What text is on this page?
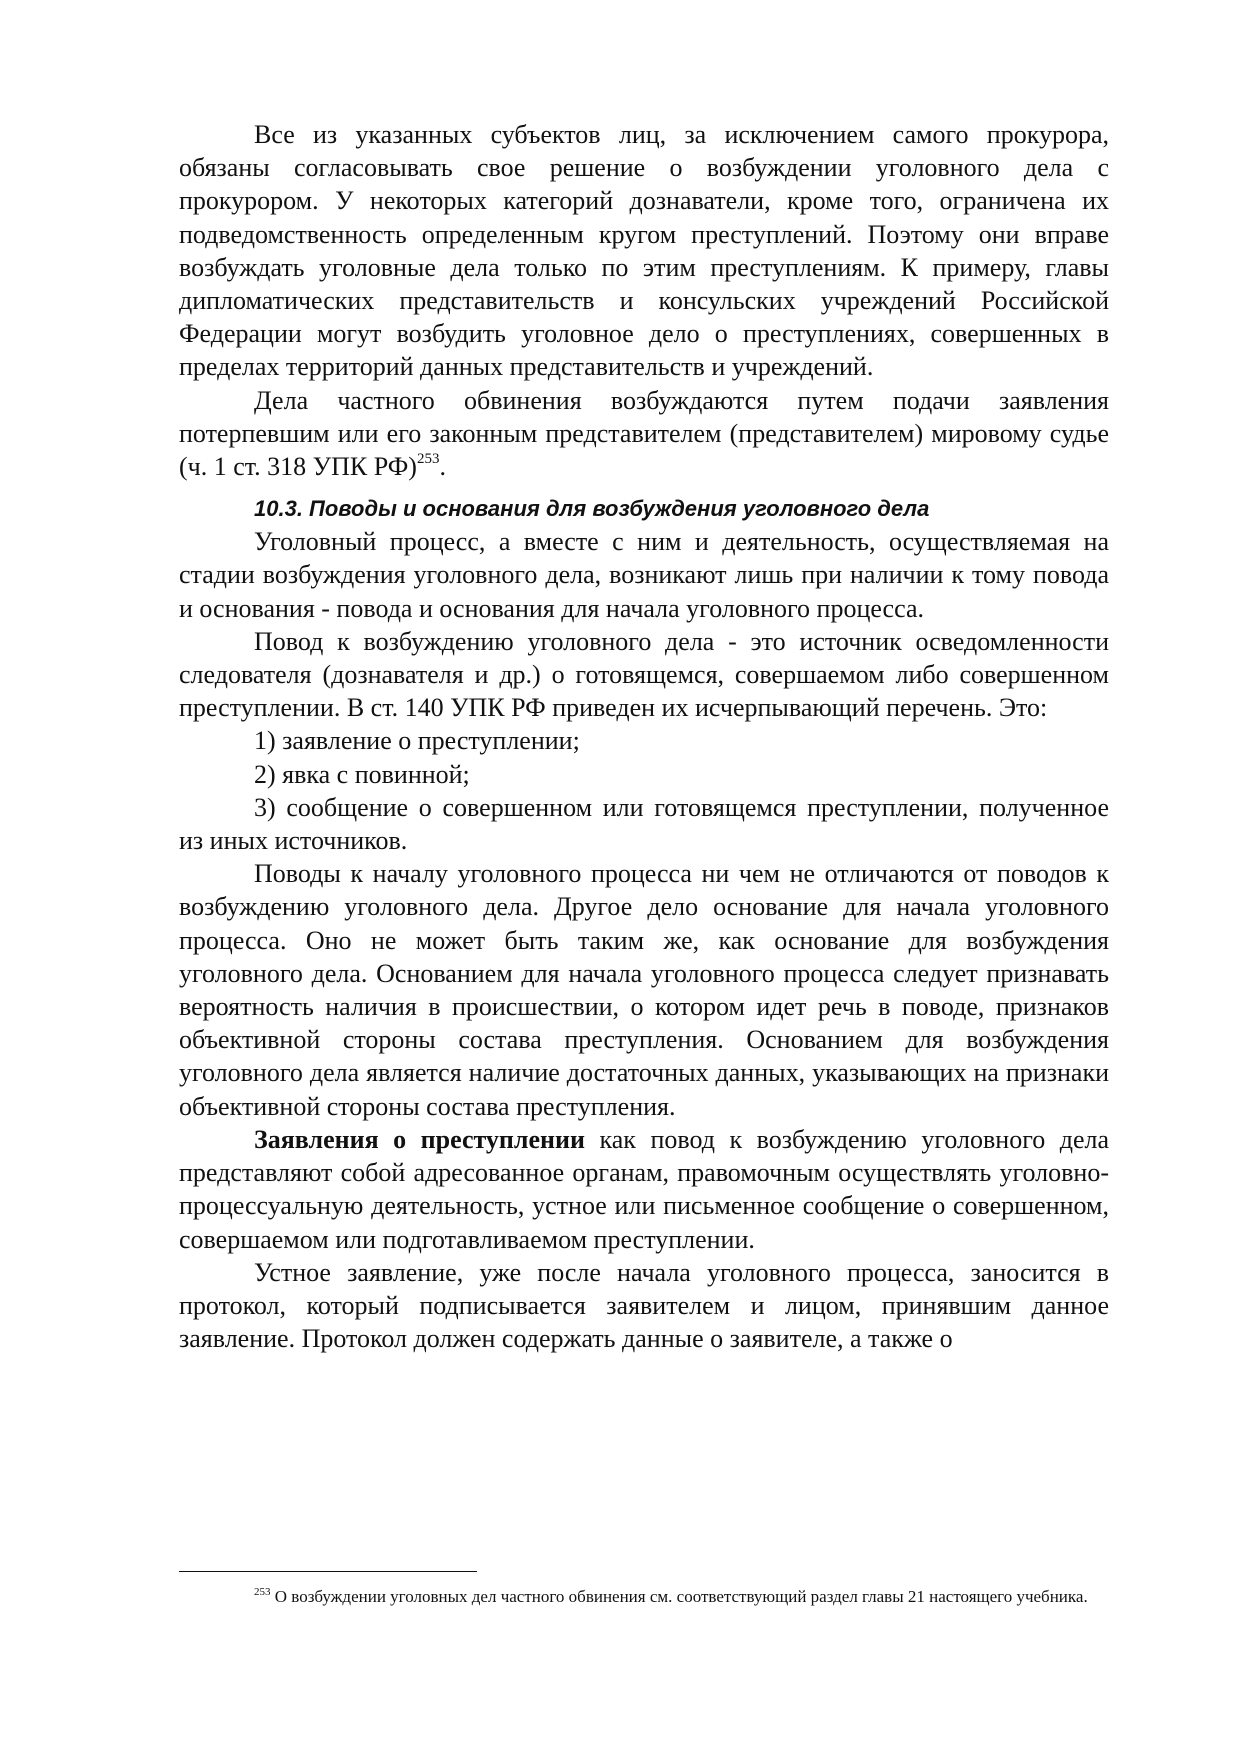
Все из указанных субъектов лиц, за исключением самого прокурора, обязаны согласовывать свое решение о возбуждении уголовного дела с прокурором. У некоторых категорий дознаватели, кроме того, ограничена их подведомственность определенным кругом преступлений. Поэтому они вправе возбуждать уголовные дела только по этим преступлениям. К примеру, главы дипломатических представительств и консульских учреждений Российской Федерации могут возбудить уголовное дело о преступлениях, совершенных в пределах территорий данных представительств и учреждений.

Дела частного обвинения возбуждаются путем подачи заявления потерпевшим или его законным представителем (представителем) мировому судье (ч. 1 ст. 318 УПК РФ)$^{253}$.

10.3. Поводы и основания для возбуждения уголовного дела

Уголовный процесс, а вместе с ним и деятельность, осуществляемая на стадии возбуждения уголовного дела, возникают лишь при наличии к тому повода и основания - повода и основания для начала уголовного процесса.

Повод к возбуждению уголовного дела - это источник осведомленности следователя (дознавателя и др.) о готовящемся, совершаемом либо совершенном преступлении. В ст. 140 УПК РФ приведен их исчерпывающий перечень. Это:

1) заявление о преступлении;

2) явка с повинной;

3) сообщение о совершенном или готовящемся преступлении, полученное из иных источников.

Поводы к началу уголовного процесса ни чем не отличаются от поводов к возбуждению уголовного дела. Другое дело основание для начала уголовного процесса. Оно не может быть таким же, как основание для возбуждения уголовного дела. Основанием для начала уголовного процесса следует признавать вероятность наличия в происшествии, о котором идет речь в поводе, признаков объективной стороны состава преступления. Основанием для возбуждения уголовного дела является наличие достаточных данных, указывающих на признаки объективной стороны состава преступления.

Заявления о преступлении как повод к возбуждению уголовного дела представляют собой адресованное органам, правомочным осуществлять уголовно-процессуальную деятельность, устное или письменное сообщение о совершенном, совершаемом или подготавливаемом преступлении.

Устное заявление, уже после начала уголовного процесса, заносится в протокол, который подписывается заявителем и лицом, принявшим данное заявление. Протокол должен содержать данные о заявителе, а также о

$^{253}$ О возбуждении уголовных дел частного обвинения см. соответствующий раздел главы 21 настоящего учебника.
